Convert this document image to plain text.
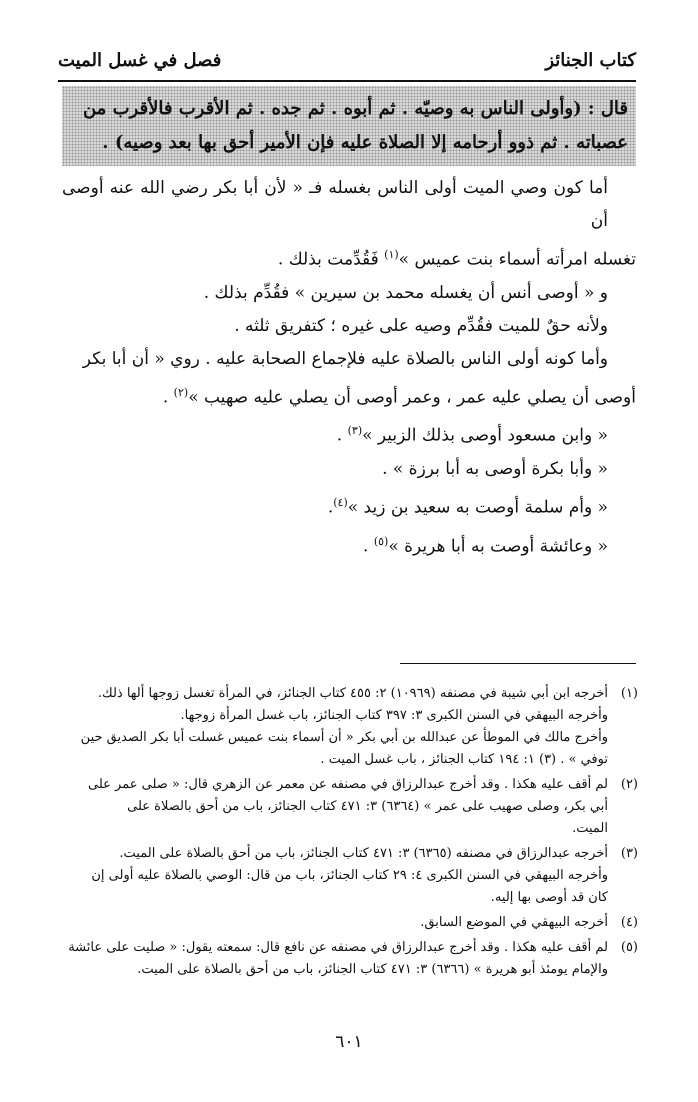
كتاب الجنائز
فصل في غسل الميت

قال : (وأولى الناس به وصيّه . ثم أبوه . ثم جده . ثم الأقرب فالأقرب من

عصباته . ثم ذوو أرحامه إلا الصلاة عليه فإن الأمير أحق بها بعد وصيه) .

أما كون وصي الميت أولى الناس بغسله فـ « لأن أبا بكر رضي الله عنه أوصى أن

تغسله امرأته أسماء بنت عميس »$^{(١)}$ فَقُدِّمت بذلك .

و « أوصى أنس أن يغسله محمد بن سيرين » فقُدِّم بذلك .

ولأنه حقٌ للميت فقُدِّم وصيه على غيره ؛ كتفريق ثلثه .

وأما كونه أولى الناس بالصلاة عليه فلإجماع الصحابة عليه . روي « أن أبا بكر

أوصى أن يصلي عليه عمر ، وعمر أوصى أن يصلي عليه صهيب »$^{(٢)}$ .

« وابن مسعود أوصى بذلك الزبير »$^{(٣)}$ .

« وأبا بكرة أوصى به أبا برزة » .

« وأم سلمة أوصت به سعيد بن زيد »$^{(٤)}$.

« وعائشة أوصت به أبا هريرة »$^{(٥)}$ .

(١)

أخرجه ابن أبي شيبة في مصنفه (١٠٩٦٩) ٢: ٤٥٥ كتاب الجنائز، في المرأة تغسل زوجها ألها ذلك.

وأخرجه البيهقي في السنن الكبرى ٣: ٣٩٧ كتاب الجنائز، باب غسل المرأة زوجها.

وأخرج مالك في الموطأ عن عبدالله بن أبي بكر « أن أسماء بنت عميس غسلت أبا بكر الصديق حين

توفي » . (٣) ١: ١٩٤ كتاب الجنائز ، باب غسل الميت .

(٢)

لم أقف عليه هكذا . وقد أخرج عبدالرزاق في مصنفه عن معمر عن الزهري قال: « صلى عمر على

أبي بكر، وصلى صهيب على عمر » (٦٣٦٤) ٣: ٤٧١ كتاب الجنائز، باب من أحق بالصلاة على

الميت.

(٣)

أخرجه عبدالرزاق في مصنفه (٦٣٦٥) ٣: ٤٧١ كتاب الجنائز، باب من أحق بالصلاة على الميت.

وأخرجه البيهقي في السنن الكبرى ٤: ٢٩ كتاب الجنائز، باب من قال: الوصي بالصلاة عليه أولى إن

كان قد أوصى بها إليه.

(٤)

أخرجه البيهقي في الموضع السابق.

(٥)

لم أقف عليه هكذا . وقد أخرج عبدالرزاق في مصنفه عن نافع قال: سمعته يقول: « صليت على عائشة

والإمام يومئذ أبو هريرة » (٦٣٦٦) ٣: ٤٧١ كتاب الجنائز، باب من أحق بالصلاة على الميت.

٦٠١
